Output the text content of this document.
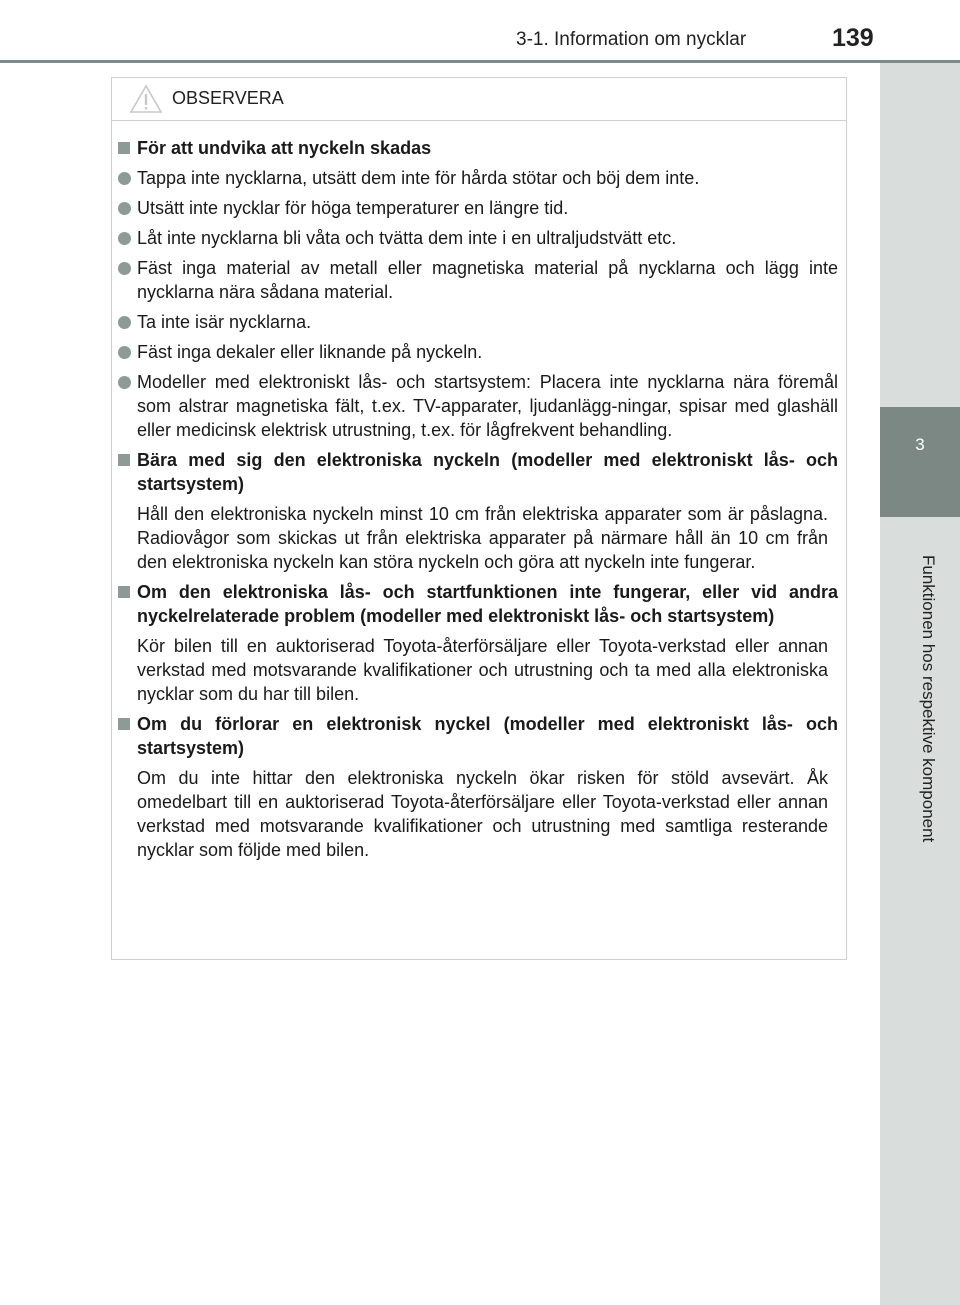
3-1. Information om nycklar	139
3
Funktionen hos respektive komponent
OBSERVERA
För att undvika att nyckeln skadas
Tappa inte nycklarna, utsätt dem inte för hårda stötar och böj dem inte.
Utsätt inte nycklar för höga temperaturer en längre tid.
Låt inte nycklarna bli våta och tvätta dem inte i en ultraljudstvätt etc.
Fäst inga material av metall eller magnetiska material på nycklarna och lägg inte nycklarna nära sådana material.
Ta inte isär nycklarna.
Fäst inga dekaler eller liknande på nyckeln.
Modeller med elektroniskt lås- och startsystem: Placera inte nycklarna nära föremål som alstrar magnetiska fält, t.ex. TV-apparater, ljudanlägg-ningar, spisar med glashäll eller medicinsk elektrisk utrustning, t.ex. för lågfrekvent behandling.
Bära med sig den elektroniska nyckeln (modeller med elektroniskt lås- och startsystem)
Håll den elektroniska nyckeln minst 10 cm från elektriska apparater som är påslagna. Radiovågor som skickas ut från elektriska apparater på närmare håll än 10 cm från den elektroniska nyckeln kan störa nyckeln och göra att nyckeln inte fungerar.
Om den elektroniska lås- och startfunktionen inte fungerar, eller vid andra nyckelrelaterade problem (modeller med elektroniskt lås- och startsystem)
Kör bilen till en auktoriserad Toyota-återförsäljare eller Toyota-verkstad eller annan verkstad med motsvarande kvalifikationer och utrustning och ta med alla elektroniska nycklar som du har till bilen.
Om du förlorar en elektronisk nyckel (modeller med elektroniskt lås- och startsystem)
Om du inte hittar den elektroniska nyckeln ökar risken för stöld avsevärt. Åk omedelbart till en auktoriserad Toyota-återförsäljare eller Toyota-verkstad eller annan verkstad med motsvarande kvalifikationer och utrustning med samtliga resterande nycklar som följde med bilen.
